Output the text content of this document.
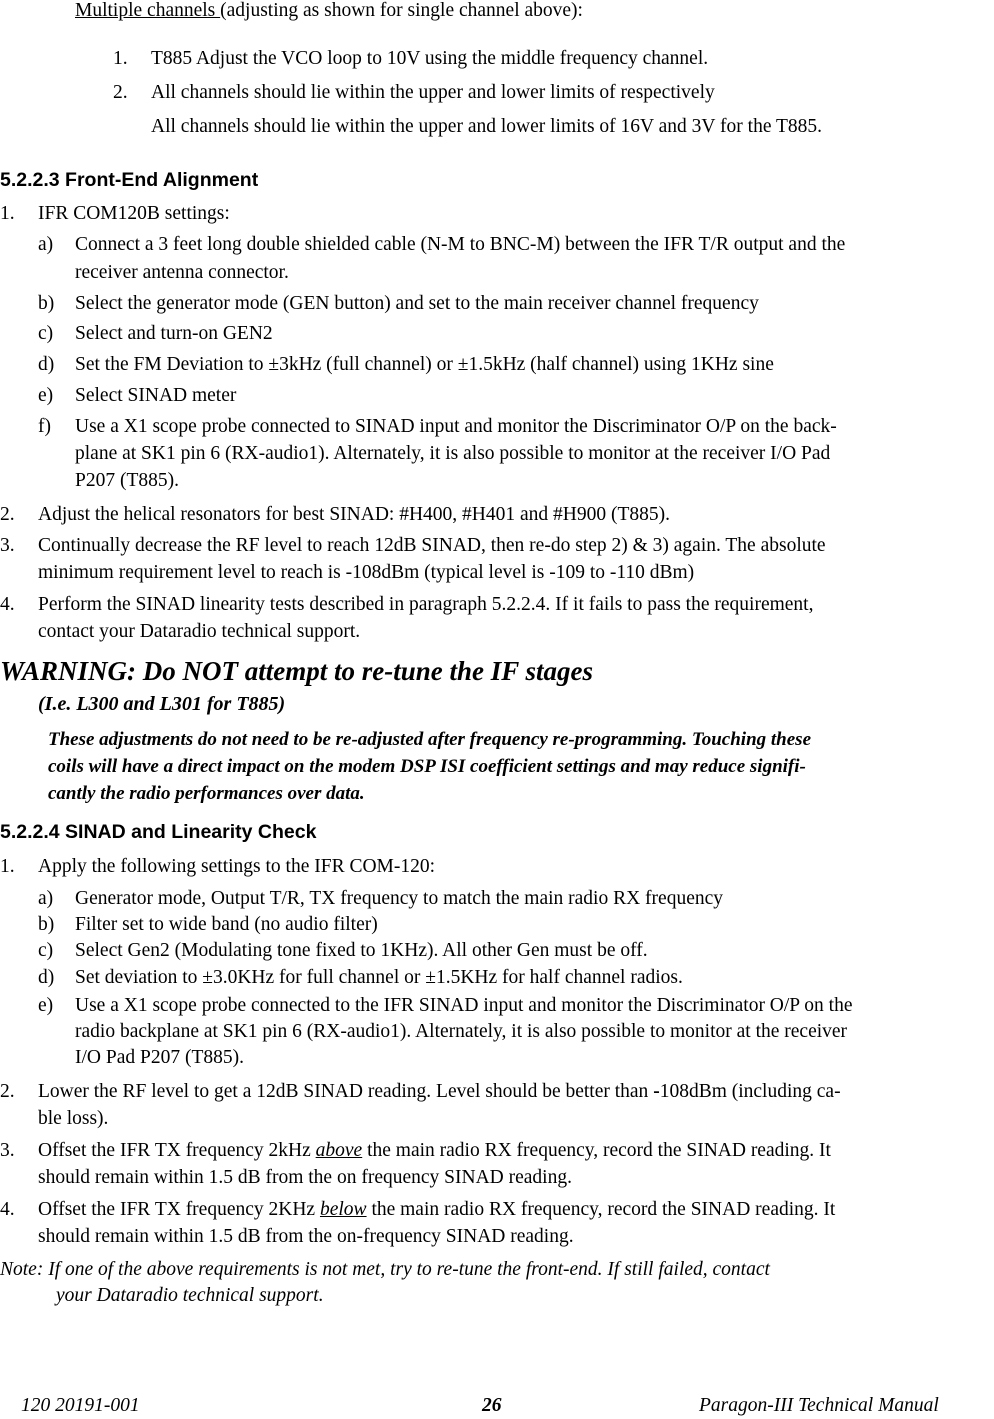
Multiple channels (adjusting as shown for single channel above):
1. T885 Adjust the VCO loop to 10V using the middle frequency channel.
2. All channels should lie within the upper and lower limits of respectively
All channels should lie within the upper and lower limits of 16V and 3V for the T885.
5.2.2.3 Front-End Alignment
1. IFR COM120B settings:
a) Connect a 3 feet long double shielded cable (N-M to BNC-M) between the IFR T/R output and the
receiver antenna connector.
b) Select the generator mode (GEN button) and set to the main receiver channel frequency
c) Select and turn-on GEN2
d) Set the FM Deviation to ±3kHz (full channel) or ±1.5kHz (half channel) using 1KHz sine
e) Select SINAD meter
f) Use a X1 scope probe connected to SINAD input and monitor the Discriminator O/P on the back-
plane at SK1 pin 6 (RX-audio1). Alternately, it is also possible to monitor at the receiver I/O Pad
P207 (T885).
2. Adjust the helical resonators for best SINAD: #H400, #H401 and #H900 (T885).
3. Continually decrease the RF level to reach 12dB SINAD, then re-do step 2) & 3) again. The absolute
minimum requirement level to reach is -108dBm (typical level is -109 to -110 dBm)
4. Perform the SINAD linearity tests described in paragraph 5.2.2.4. If it fails to pass the requirement,
contact your Dataradio technical support.
WARNING: Do NOT attempt to re-tune the IF stages
(I.e. L300 and L301 for T885)
These adjustments do not need to be re-adjusted after frequency re-programming. Touching these
coils will have a direct impact on the modem DSP ISI coefficient settings and may reduce signifi-
cantly the radio performances over data.
5.2.2.4 SINAD and Linearity Check
1. Apply the following settings to the IFR COM-120:
a) Generator mode, Output T/R, TX frequency to match the main radio RX frequency
b) Filter set to wide band (no audio filter)
c) Select Gen2 (Modulating tone fixed to 1KHz). All other Gen must be off.
d) Set deviation to ±3.0KHz for full channel or ±1.5KHz for half channel radios.
e) Use a X1 scope probe connected to the IFR SINAD input and monitor the Discriminator O/P on the
radio backplane at SK1 pin 6 (RX-audio1). Alternately, it is also possible to monitor at the receiver
I/O Pad P207 (T885).
2. Lower the RF level to get a 12dB SINAD reading. Level should be better than -108dBm (including ca-
ble loss).
3. Offset the IFR TX frequency 2kHz above the main radio RX frequency, record the SINAD reading. It
should remain within 1.5 dB from the on frequency SINAD reading.
4. Offset the IFR TX frequency 2KHz below the main radio RX frequency, record the SINAD reading. It
should remain within 1.5 dB from the on-frequency SINAD reading.
Note: If one of the above requirements is not met, try to re-tune the front-end. If still failed, contact
your Dataradio technical support.
120 20191-001	26	Paragon-III Technical Manual
